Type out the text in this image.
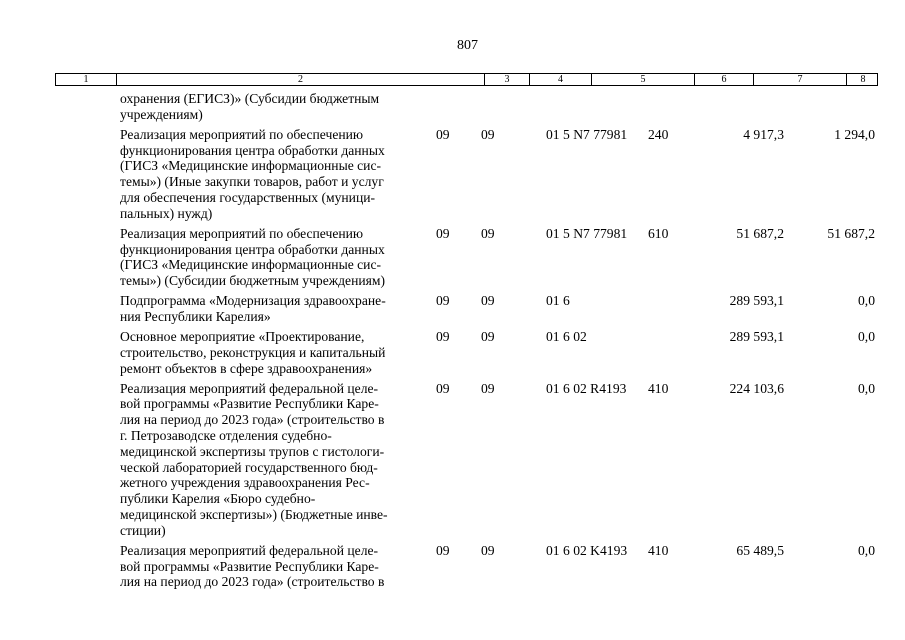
807
1	2	3	4	5	6	7	8
охранения (ЕГИСЗ)» (Субсидии бюджетным
учреждениям)
Реализация мероприятий по обеспечению
функционирования центра обработки данных
(ГИСЗ «Медицинские информационные сис-
темы») (Иные закупки товаров, работ и услуг
для обеспечения государственных (муници-
пальных) нужд)
09 09	01 5 N7 77981 240	4 917,3	1 294,0
Реализация мероприятий по обеспечению
функционирования центра обработки данных
(ГИСЗ «Медицинские информационные сис-
темы») (Субсидии бюджетным учреждениям)
09 09	01 5 N7 77981 610	51 687,2	51 687,2
Подпрограмма «Модернизация здравоохране-
ния Республики Карелия»
09 09	01 6	289 593,1	0,0
Основное мероприятие «Проектирование,
строительство, реконструкция и капитальный
ремонт объектов в сфере здравоохранения»
09 09	01 6 02	289 593,1	0,0
Реализация мероприятий федеральной целе-
вой программы «Развитие Республики Каре-
лия на период до 2023 года» (строительство в
г. Петрозаводске отделения судебно-
медицинской экспертизы трупов с гистологи-
ческой лабораторией государственного бюд-
жетного учреждения здравоохранения Рес-
публики Карелия «Бюро судебно-
медицинской экспертизы») (Бюджетные инве-
стиции)
09 09	01 6 02 R4193 410	224 103,6	0,0
Реализация мероприятий федеральной целе-
вой программы «Развитие Республики Каре-
лия на период до 2023 года» (строительство в
09 09	01 6 02 K4193 410	65 489,5	0,0
